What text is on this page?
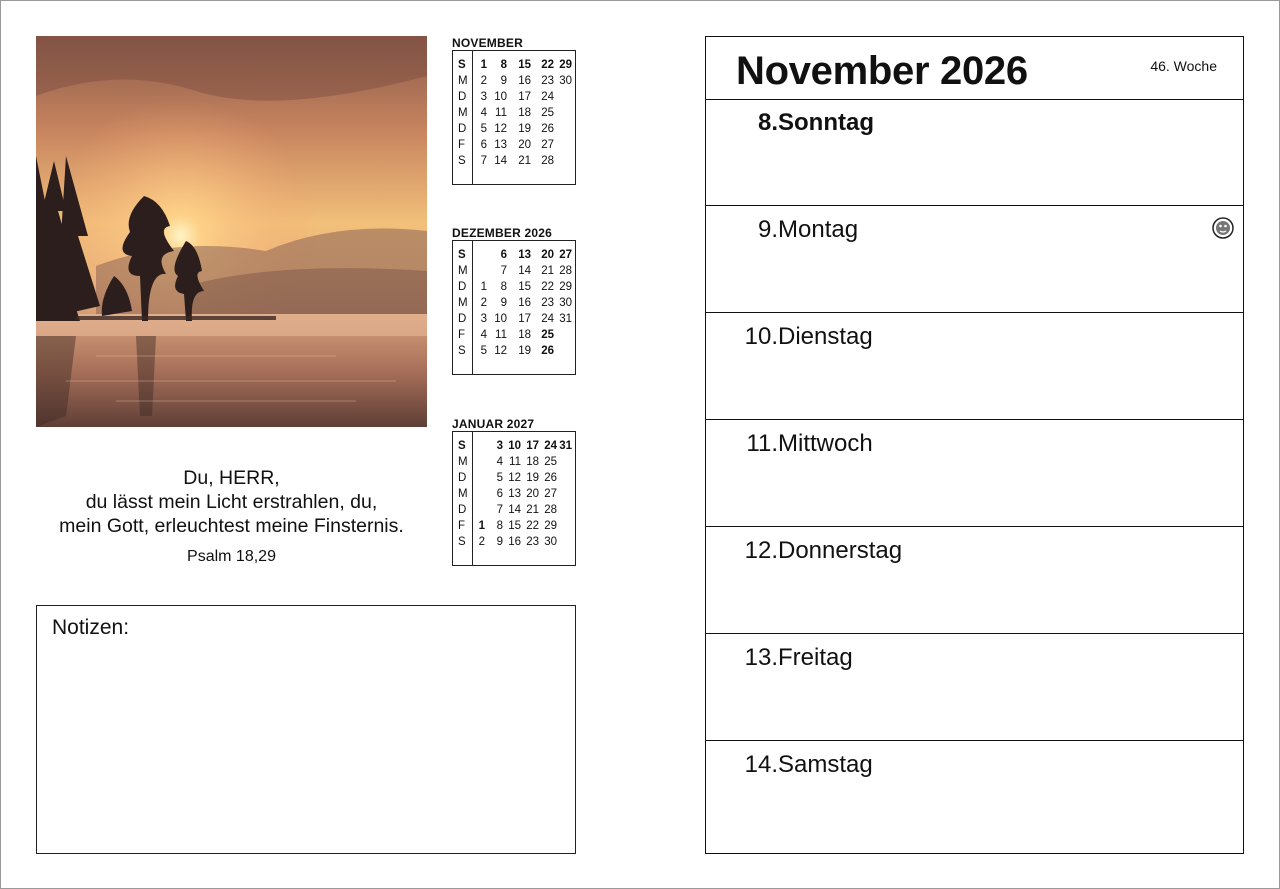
Du, HERR,
du lässt mein Licht erstrahlen, du,
mein Gott, erleuchtest meine Finsternis.
Psalm 18,29
NOVEMBER
S 1 8 15 22 29
M 2 9 16 23 30
D 3 10 17 24
M 4 11 18 25
D 5 12 19 26
F 6 13 20 27
S 7 14 21 28
DEZEMBER 2026
S	6 13 20 27
M	7 14 21 28
D 1 8 15 22 29
M 2 9 16 23 30
D 3 10 17 24 31
F 4 11 18 25
S 5 12 19 26
JANUAR 2027
S	3 10 17 24 31
M	4 11 18 25
D	5 12 19 26
M	6 13 20 27
D	7 14 21 28
F 1 8 15 22 29
S 2 9 16 23 30
Notizen:
November 2026	46. Woche
8. Sonntag
9. Montag
10. Dienstag
11. Mittwoch
12. Donnerstag
13. Freitag
14. Samstag
